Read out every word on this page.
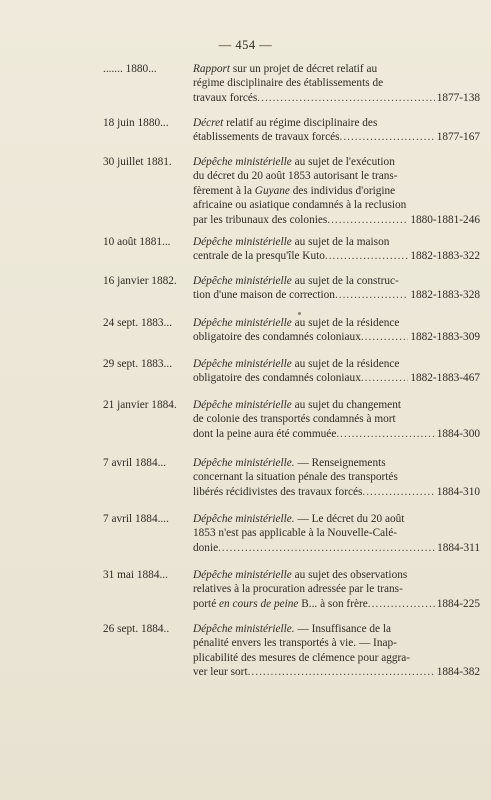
— 454 —
....... 1880...	Rapport sur un projet de décret relatif au
régime disciplinaire des établissements de
travaux forcés .....	1877-138
18 juin 1880...	Décret relatif au régime disciplinaire des
établissements de travaux forcés .....	1877-167
30 juillet 1881.	Dépêche ministérielle au sujet de l'exécution
du décret du 20 août 1853 autorisant le trans-
fèrement à la Guyane des individus d'origine
africaine ou asiatique condamnés à la reclusion
par les tribunaux des colonies .....	1880-1881-246
10 août 1881...	Dépêche ministérielle au sujet de la maison
centrale de la presqu'île Kuto .....	1882-1883-322
16 janvier 1882.	Dépêche ministérielle au sujet de la construc-
tion d'une maison de correction .....	1882-1883-328
24 sept. 1883...	Dépêche ministérielle au sujet de la résidence
obligatoire des condamnés coloniaux .....	1882-1883-309
29 sept. 1883...	Dépêche ministérielle au sujet de la résidence
obligatoire des condamnés coloniaux .....	1882-1883-467
21 janvier 1884.	Dépêche ministérielle au sujet du changement
de colonie des transportés condamnés à mort
dont la peine aura été commuée .....	1884-300
7 avril 1884...	Dépêche ministérielle. — Renseignements
concernant la situation pénale des transportés
libérés récidivistes des travaux forcés .....	1884-310
7 avril 1884....	Dépêche ministérielle. — Le décret du 20 août
1853 n'est pas applicable à la Nouvelle-Calé-
donie .....	1884-311
31 mai 1884...	Dépêche ministérielle au sujet des observations
relatives à la procuration adressée par le trans-
porté en cours de peine B... à son frère .....	1884-225
26 sept. 1884..	Dépêche ministérielle. — Insuffisance de la
pénalité envers les transportés à vie. — Inap-
plicabilité des mesures de clémence pour aggra-
ver leur sort .....	1884-382
